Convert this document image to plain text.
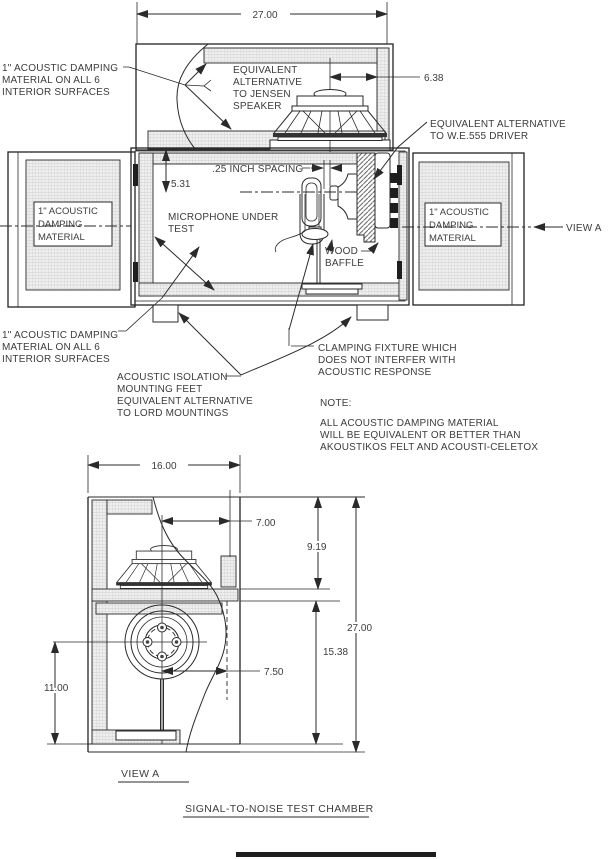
27.00
6.38
.25 INCH SPACING
5.31
1" ACOUSTIC
DAMPING
MATERIAL
1" ACOUSTIC
DAMPING
MATERIAL
VIEW A
1" ACOUSTIC DAMPING
MATERIAL ON ALL 6
INTERIOR SURFACES
EQUIVALENT
ALTERNATIVE
TO JENSEN
SPEAKER
EQUIVALENT ALTERNATIVE
TO W.E.555 DRIVER
MICROPHONE UNDER
TEST
WOOD
BAFFLE
1" ACOUSTIC DAMPING
MATERIAL ON ALL 6
INTERIOR SURFACES
ACOUSTIC ISOLATION
MOUNTING FEET
EQUIVALENT ALTERNATIVE
TO LORD MOUNTINGS
CLAMPING FIXTURE WHICH
DOES NOT INTERFER WITH
ACOUSTIC RESPONSE
NOTE:
ALL ACOUSTIC DAMPING MATERIAL
WILL BE EQUIVALENT OR BETTER THAN
AKOUSTIKOS FELT AND ACOUSTI-CELETOX
16.00
7.00
7.50
11.00
9.19
15.38
27.00
VIEW A
SIGNAL-TO-NOISE TEST CHAMBER
